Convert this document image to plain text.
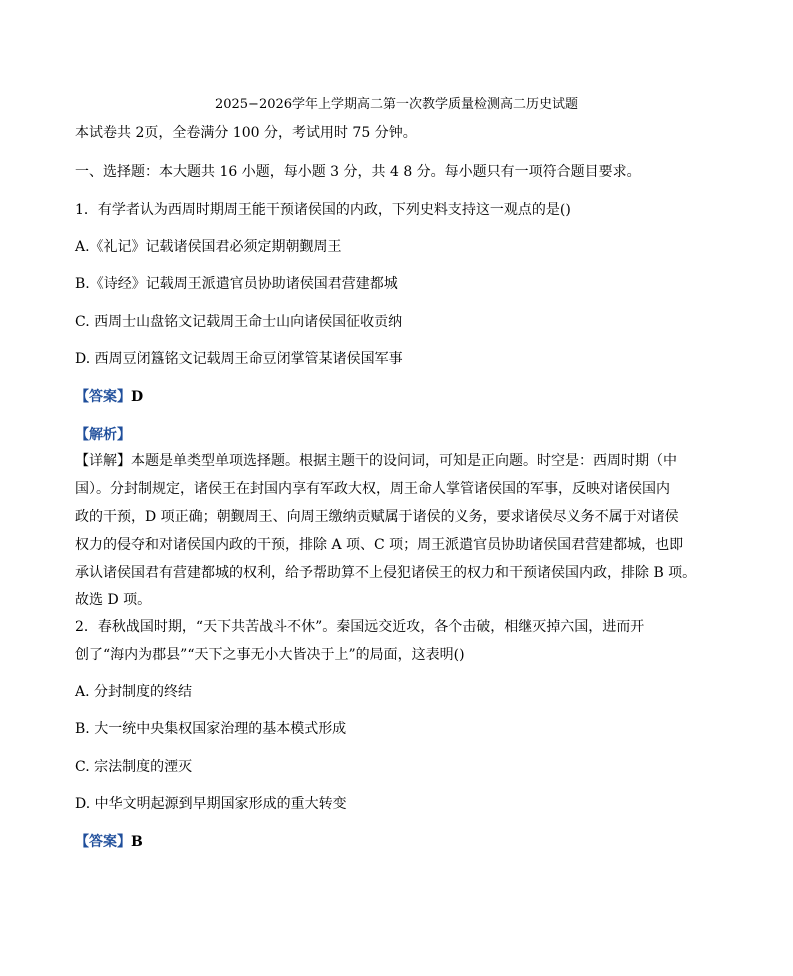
2025−2026学年上学期高二第一次教学质量检测高二历史试题
本试卷共 2页，全卷满分 100 分，考试用时 75 分钟。
一、选择题：本大题共 16 小题，每小题 3 分，共 4 8 分。每小题只有一项符合题目要求。
1．有学者认为西周时期周王能干预诸侯国的内政，下列史料支持这一观点的是()
A.《礼记》记载诸侯国君必须定期朝觐周王
B.《诗经》记载周王派遣官员协助诸侯国君营建都城
C. 西周士山盘铭文记载周王命士山向诸侯国征收贡纳
D. 西周豆闭簋铭文记载周王命豆闭掌管某诸侯国军事
【答案】D
【解析】
【详解】本题是单类型单项选择题。根据主题干的设问词，可知是正向题。时空是：西周时期（中
国）。分封制规定，诸侯王在封国内享有军政大权，周王命人掌管诸侯国的军事，反映对诸侯国内
政的干预，D 项正确；朝觐周王、向周王缴纳贡赋属于诸侯的义务，要求诸侯尽义务不属于对诸侯
权力的侵夺和对诸侯国内政的干预，排除 A 项、C 项；周王派遣官员协助诸侯国君营建都城，也即
承认诸侯国君有营建都城的权利，给予帮助算不上侵犯诸侯王的权力和干预诸侯国内政，排除 B 项。
故选 D 项。
2．春秋战国时期，“天下共苦战斗不休”。秦国远交近攻，各个击破，相继灭掉六国，进而开
创了“海内为郡县”“天下之事无小大皆决于上”的局面，这表明()
A. 分封制度的终结
B. 大一统中央集权国家治理的基本模式形成
C. 宗法制度的湮灭
D. 中华文明起源到早期国家形成的重大转变
【答案】B
